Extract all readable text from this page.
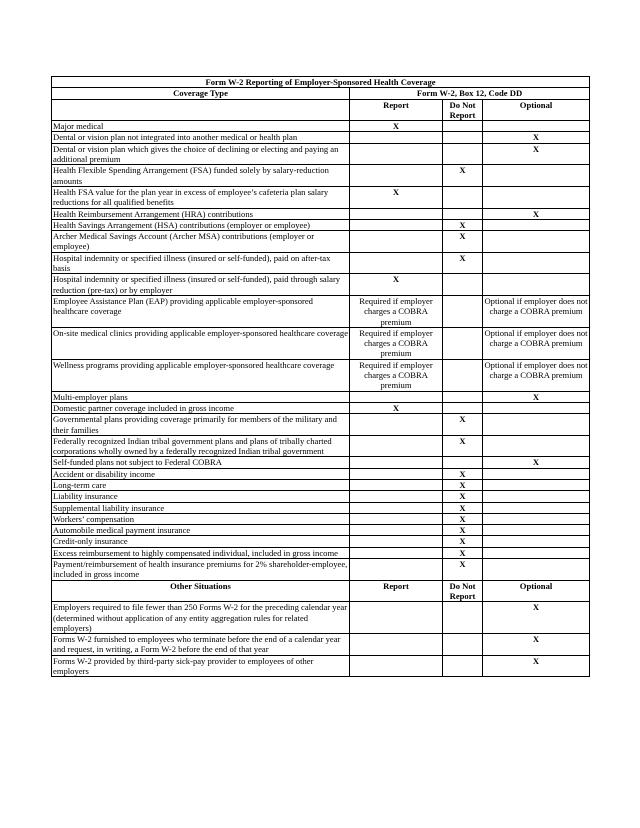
Form W-2 Reporting of Employer-Sponsored Health Coverage			
Coverage Type	Form W-2, Box 12, Code DD		
	Report	Do Not Report	Optional
Major medical	X		
Dental or vision plan not integrated into another medical or health plan			X
Dental or vision plan which gives the choice of declining or electing and paying an additional premium			X
Health Flexible Spending Arrangement (FSA) funded solely by salary-reduction amounts		X	
Health FSA value for the plan year in excess of employee’s cafeteria plan salary reductions for all qualified benefits	X		
Health Reimbursement Arrangement (HRA) contributions			X
Health Savings Arrangement (HSA) contributions (employer or employee)		X	
Archer Medical Savings Account (Archer MSA) contributions (employer or employee)		X	
Hospital indemnity or specified illness (insured or self-funded), paid on after-tax basis		X	
Hospital indemnity or specified illness (insured or self-funded), paid through salary reduction (pre-tax) or by employer	X		
Employee Assistance Plan (EAP) providing applicable employer-sponsored healthcare coverage	Required if employer charges a COBRA premium		Optional if employer does not charge a COBRA premium
On-site medical clinics providing applicable employer-sponsored healthcare coverage	Required if employer charges a COBRA premium		Optional if employer does not charge a COBRA premium
Wellness programs providing applicable employer-sponsored healthcare coverage	Required if employer charges a COBRA premium		Optional if employer does not charge a COBRA premium
Multi-employer plans			X
Domestic partner coverage included in gross income	X		
Governmental plans providing coverage primarily for members of the military and their families		X	
Federally recognized Indian tribal government plans and plans of tribally charted corporations wholly owned by a federally recognized Indian tribal government		X	
Self-funded plans not subject to Federal COBRA			X
Accident or disability income		X	
Long-term care		X	
Liability insurance		X	
Supplemental liability insurance		X	
Workers’ compensation		X	
Automobile medical payment insurance		X	
Credit-only insurance		X	
Excess reimbursement to highly compensated individual, included in gross income		X	
Payment/reimbursement of health insurance premiums for 2% shareholder-employee, included in gross income		X	
Other Situations	Report	Do Not Report	Optional
Employers required to file fewer than 250 Forms W-2 for the preceding calendar year (determined without application of any entity aggregation rules for related employers)			X
Forms W-2 furnished to employees who terminate before the end of a calendar year and request, in writing, a Form W-2 before the end of that year			X
Forms W-2 provided by third-party sick-pay provider to employees of other employers			X
